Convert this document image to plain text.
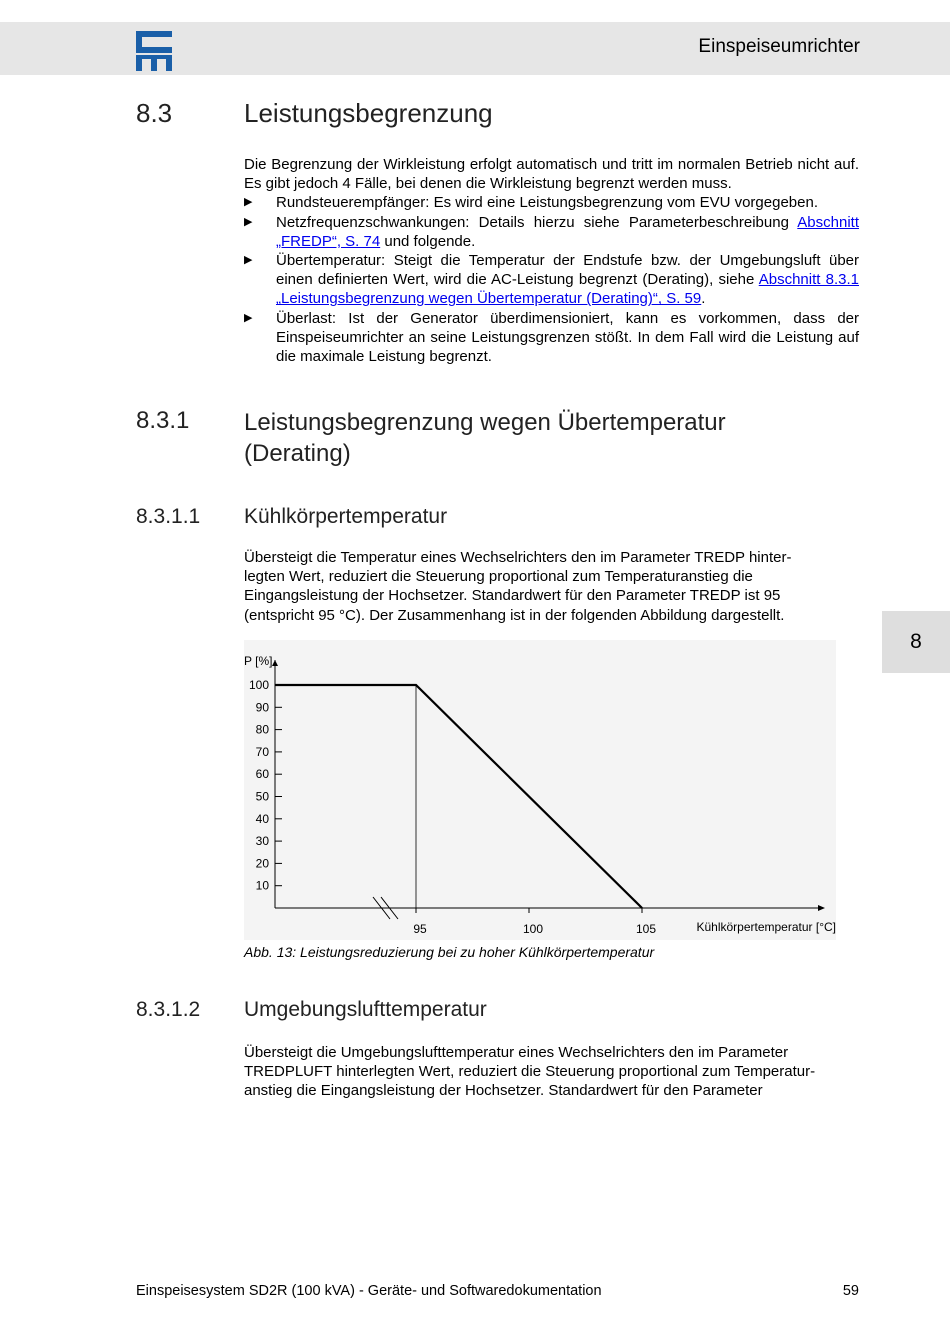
Einspeiseumrichter
8.3	Leistungsbegrenzung
Die Begrenzung der Wirkleistung erfolgt automatisch und tritt im normalen Betrieb nicht auf. Es gibt jedoch 4 Fälle, bei denen die Wirkleistung begrenzt werden muss.
▶ Rundsteuerempfänger: Es wird eine Leistungsbegrenzung vom EVU vorgegeben.
▶ Netzfrequenzschwankungen: Details hierzu siehe Parameterbeschreibung Abschnitt „FREDP“, S. 74 und folgende.
▶ Übertemperatur: Steigt die Temperatur der Endstufe bzw. der Umgebungsluft über einen definierten Wert, wird die AC-Leistung begrenzt (Derating), siehe Abschnitt 8.3.1 „Leistungsbegrenzung wegen Übertemperatur (Derating)“, S. 59.
▶ Überlast: Ist der Generator überdimensioniert, kann es vorkommen, dass der Einspeiseumrichter an seine Leistungsgrenzen stößt. In dem Fall wird die Leistung auf die maximale Leistung begrenzt.
8.3.1 Leistungsbegrenzung wegen Übertemperatur
(Derating)
8.3.1.1 Kühlkörpertemperatur
Übersteigt die Temperatur eines Wechselrichters den im Parameter TREDP hinter-
legten Wert, reduziert die Steuerung proportional zum Temperaturanstieg die
Eingangsleistung der Hochsetzer. Standardwert für den Parameter TREDP ist 95
(entspricht 95 °C). Der Zusammenhang ist in der folgenden Abbildung dargestellt.
10
20
30
40
50
60
70
80
90
100
P [%]
95	100	105	Kühlkörpertemperatur [°C]
Abb. 13: Leistungsreduzierung bei zu hoher Kühlkörpertemperatur
8.3.1.2 Umgebungslufttemperatur
Übersteigt die Umgebungslufttemperatur eines Wechselrichters den im Parameter
TREDPLUFT hinterlegten Wert, reduziert die Steuerung proportional zum Temperatur-
anstieg die Eingangsleistung der Hochsetzer. Standardwert für den Parameter
8
Einspeisesystem SD2R (100 kVA) - Geräte- und Softwaredokumentation	59
